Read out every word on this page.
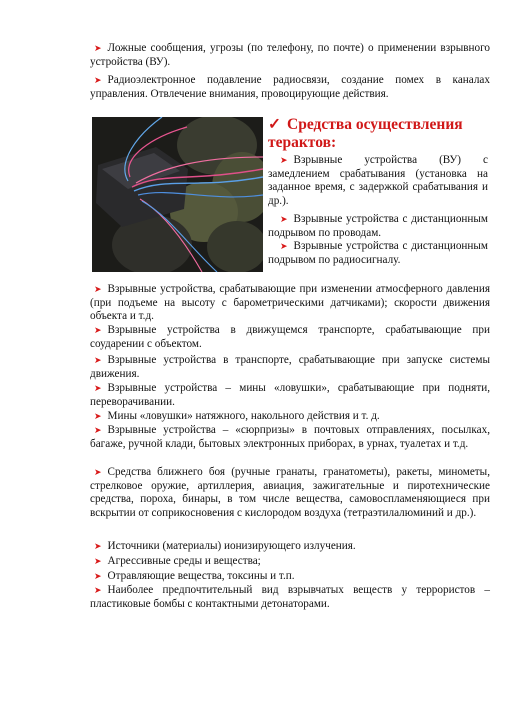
➤ Ложные сообщения, угрозы (по телефону, по почте) о применении взрывного устройства (ВУ).
➤ Радиоэлектронное подавление радиосвязи, создание помех в каналах управления. Отвлечение внимания, провоцирующие действия.
✓ Средства осуществления терактов:
➤ Взрывные устройства (ВУ) с замедлением срабатывания (установка на заданное время, с задержкой срабатывания и др.).
➤ Взрывные устройства с дистанционным подрывом по проводам.
➤ Взрывные устройства с дистанционным подрывом по радиосигналу.
➤ Взрывные устройства, срабатывающие при изменении атмосферного давления (при подъеме на высоту с барометрическими датчиками); скорости движения объекта и т.д.
➤ Взрывные устройства в движущемся транспорте, срабатывающие при соударении с объектом.
➤ Взрывные устройства в транспорте, срабатывающие при запуске системы движения.
➤ Взрывные устройства – мины «ловушки», срабатывающие при подняти, переворачивании.
➤ Мины «ловушки» натяжного, накольного действия и т. д.
➤ Взрывные устройства – «сюрпризы» в почтовых отправлениях, посылках, багаже, ручной клади, бытовых электронных приборах, в урнах, туалетах и т.д.
➤ Средства ближнего боя (ручные гранаты, гранатометы), ракеты, минометы, стрелковое оружие, артиллерия, авиация, зажигательные и пиротехнические средства, пороха, бинары, в том числе вещества, самовоспламеняющиеся при вскрытии от соприкосновения с кислородом воздуха (тетраэтилалюминий и др.).
➤ Источники (материалы) ионизирующего излучения.
➤ Агрессивные среды и вещества;
➤ Отравляющие вещества, токсины и т.п.
➤ Наиболее предпочтительный вид взрывчатых веществ у террористов – пластиковые бомбы с контактными детонаторами.
